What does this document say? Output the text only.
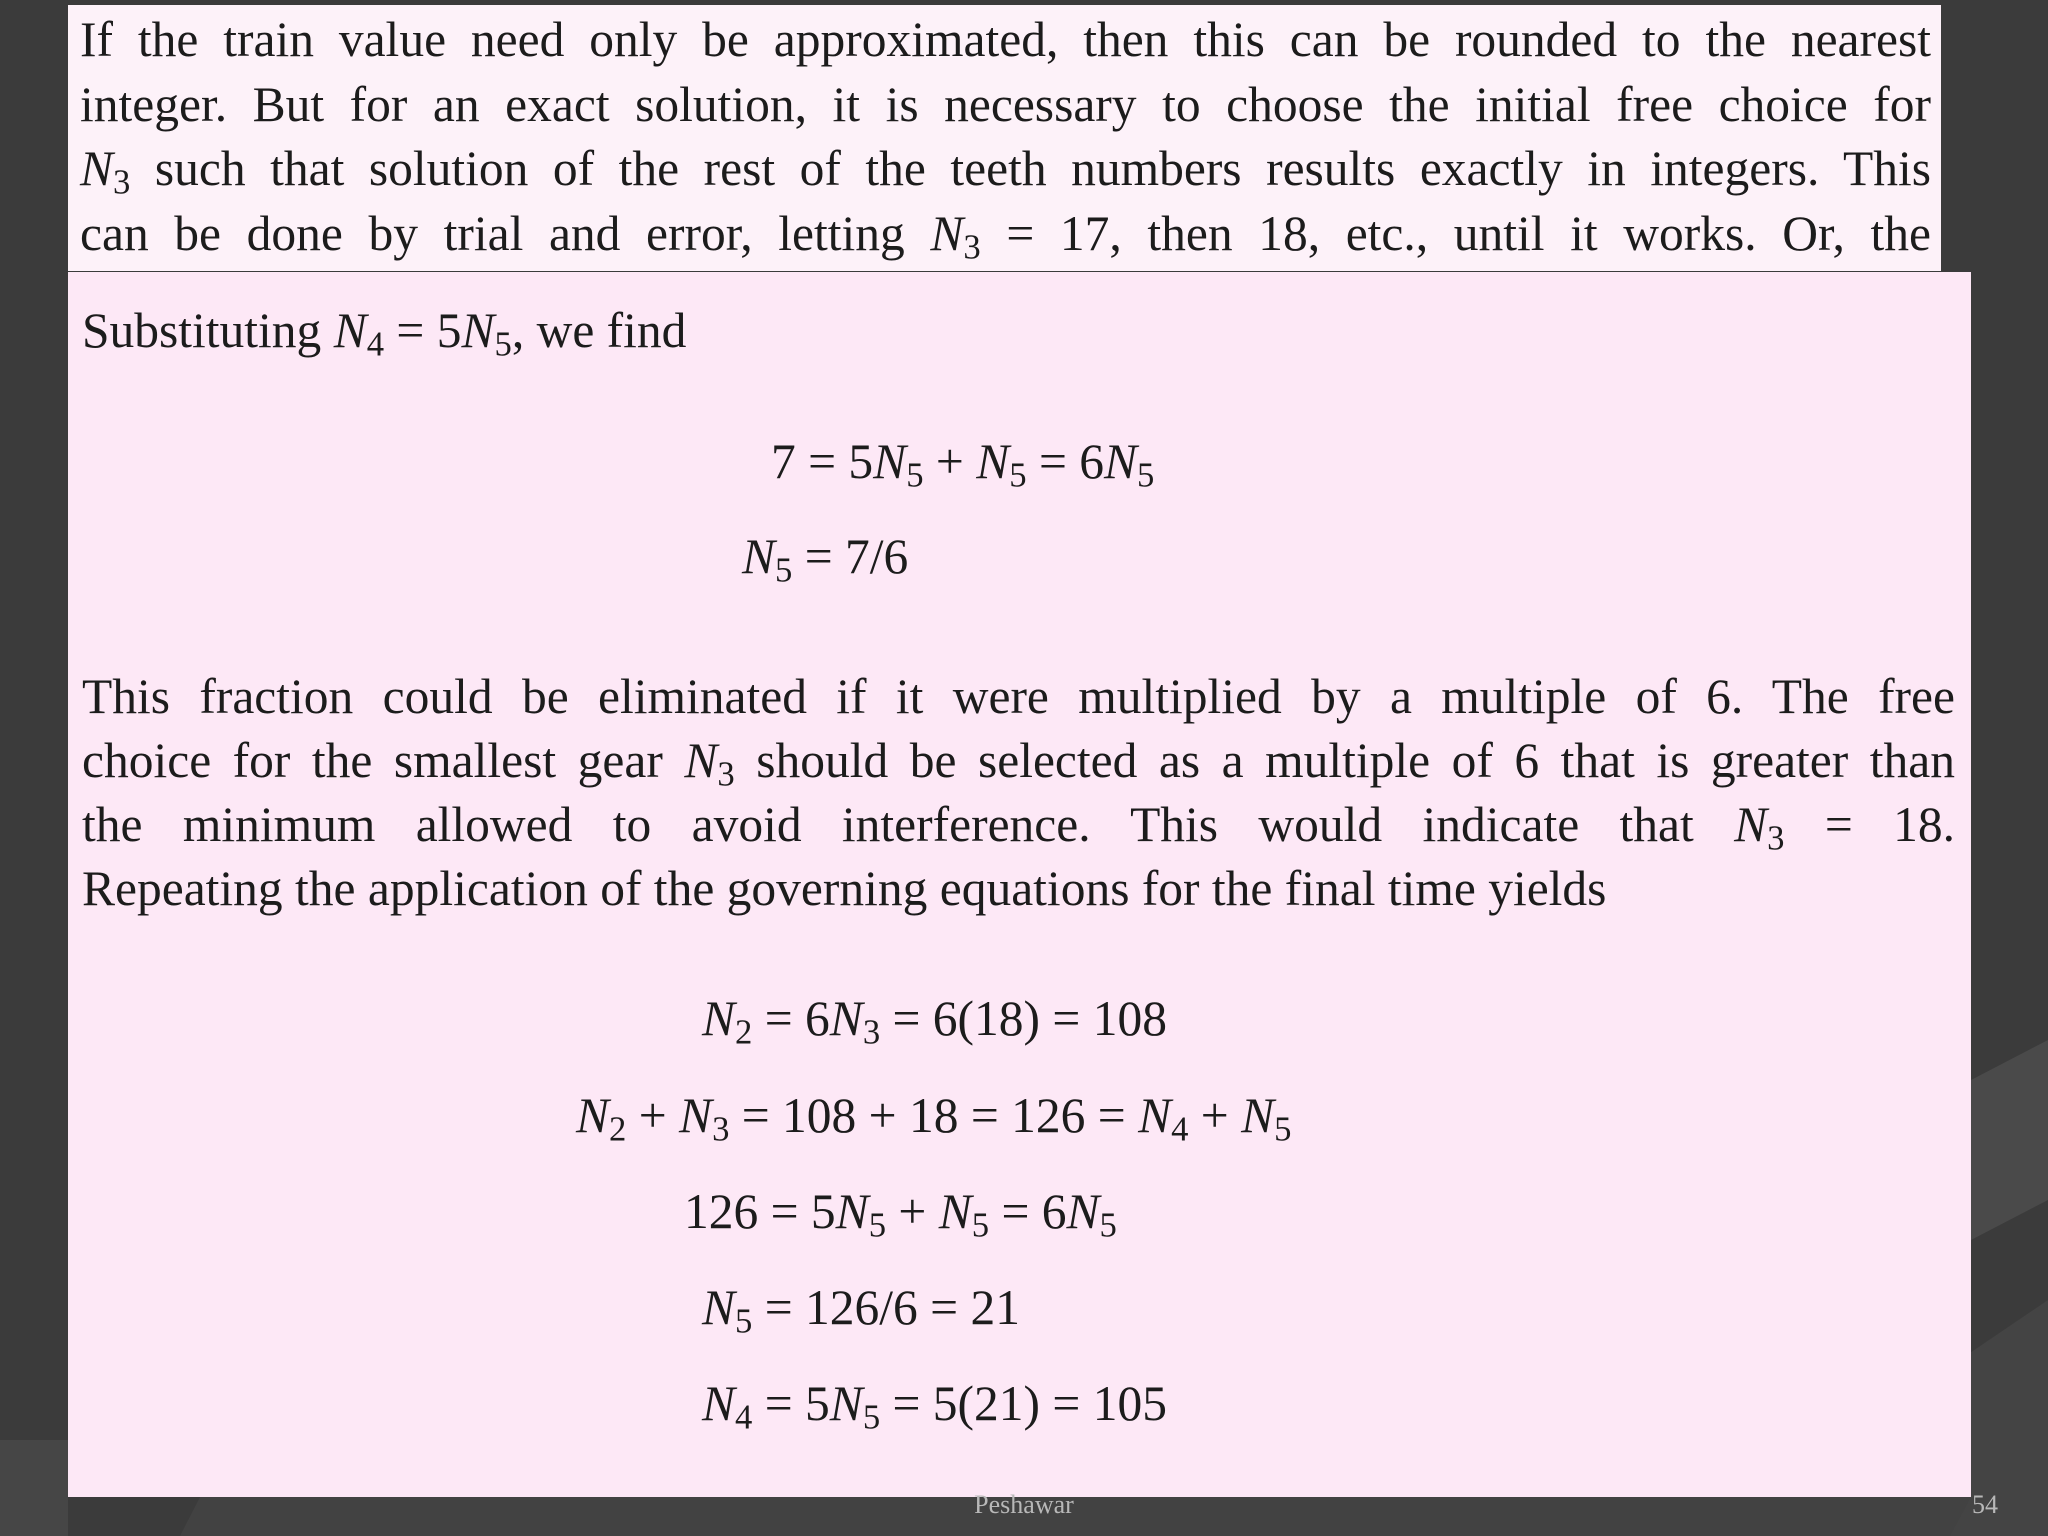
If the train value need only be approximated, then this can be rounded to the nearest
integer. But for an exact solution, it is necessary to choose the initial free choice for
$N_3$ such that solution of the rest of the teeth numbers results exactly in integers. This
can be done by trial and error, letting $N_3 = 17$, then 18, etc., until it works. Or, the
Substituting $N_4 = 5N_5$, we find
$7 = 5N_5 + N_5 = 6N_5$
$N_5 = 7/6$
This fraction could be eliminated if it were multiplied by a multiple of 6. The free
choice for the smallest gear $N_3$ should be selected as a multiple of 6 that is greater than
the minimum allowed to avoid interference. This would indicate that $N_3 = 18$.
Repeating the application of the governing equations for the final time yields
$N_2 = 6N_3 = 6(18) = 108$
$N_2 + N_3 = 108 + 18 = 126 = N_4 + N_5$
$126 = 5N_5 + N_5 = 6N_5$
$N_5 = 126/6 = 21$
$N_4 = 5N_5 = 5(21) = 105$
Peshawar	54
